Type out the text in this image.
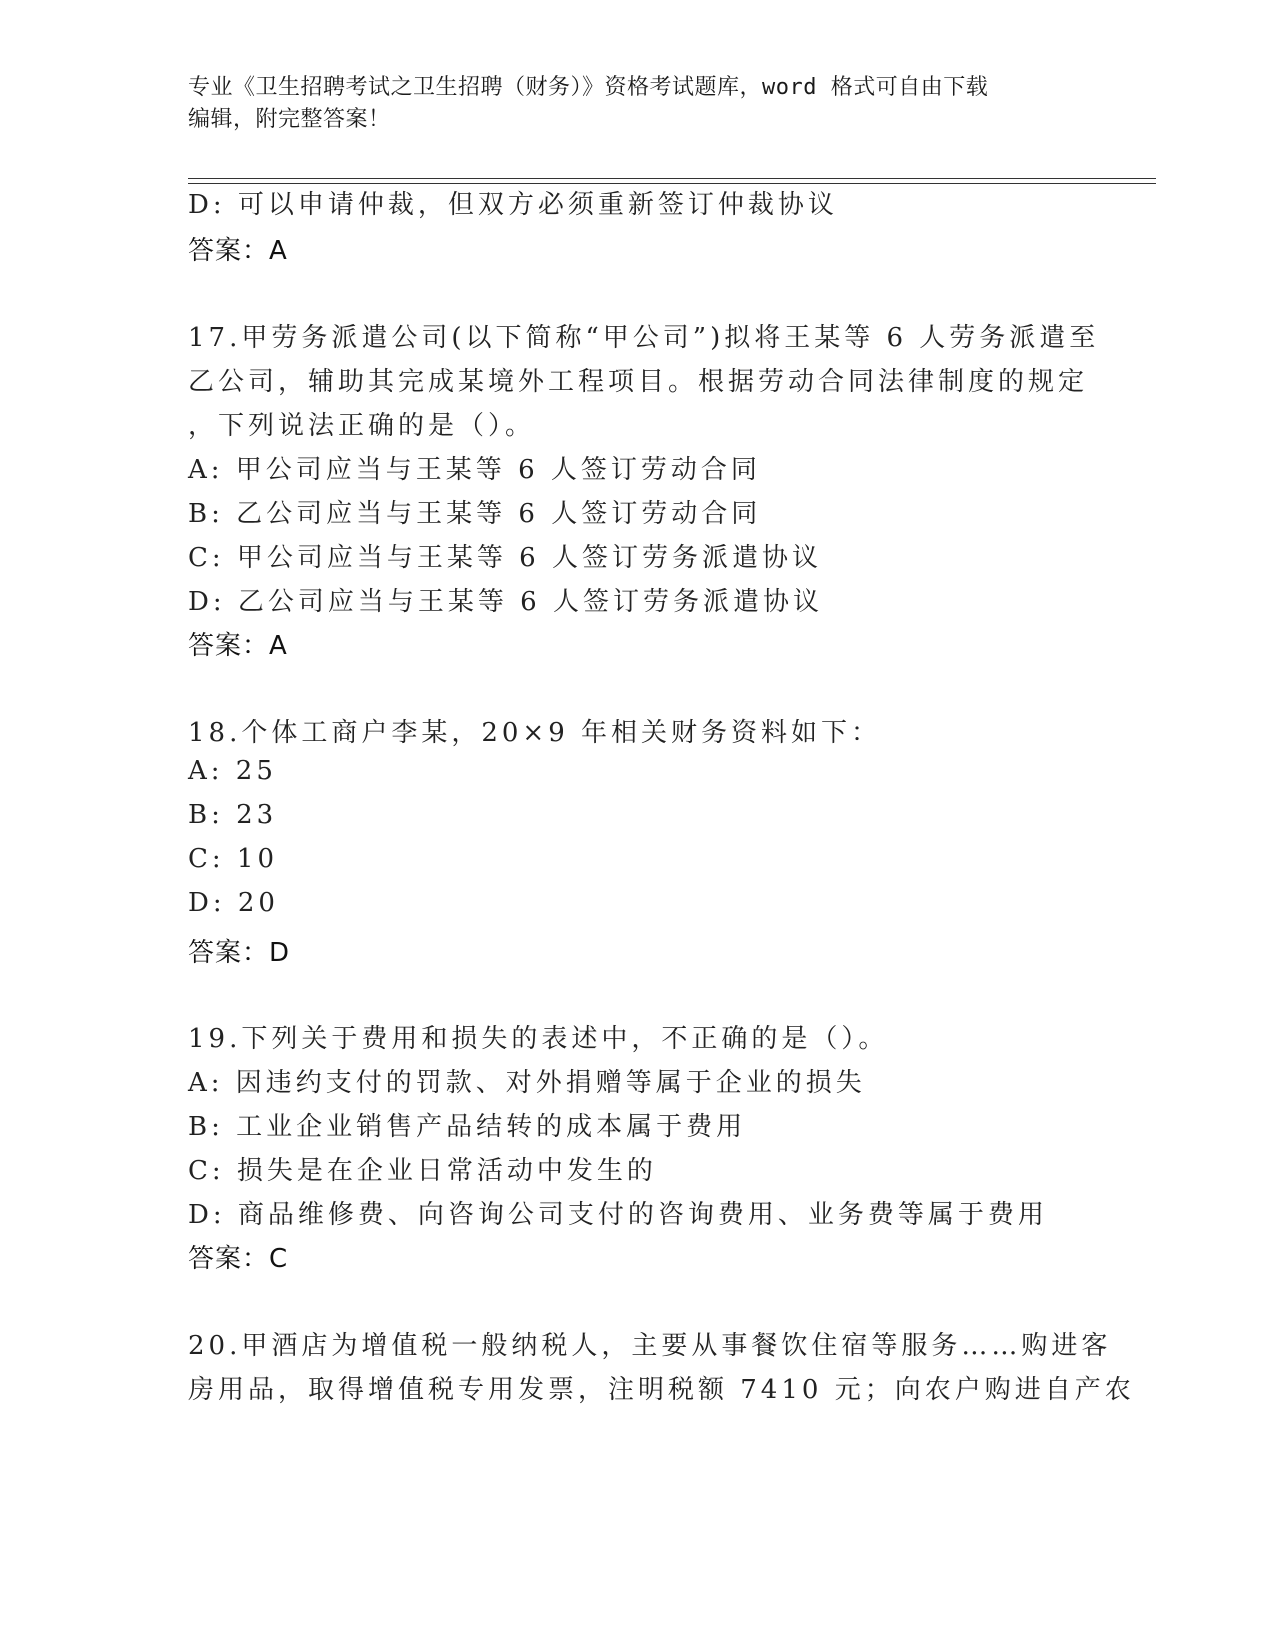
专业《卫生招聘考试之卫生招聘（财务）》资格考试题库，word 格式可自由下载
编辑，附完整答案！
D: 可以申请仲裁，但双方必须重新签订仲裁协议
答案：A
17.甲劳务派遣公司(以下简称“甲公司”)拟将王某等 6 人劳务派遣至
乙公司，辅助其完成某境外工程项目。根据劳动合同法律制度的规定
，下列说法正确的是（）。
A: 甲公司应当与王某等 6 人签订劳动合同
B: 乙公司应当与王某等 6 人签订劳动合同
C: 甲公司应当与王某等 6 人签订劳务派遣协议
D: 乙公司应当与王某等 6 人签订劳务派遣协议
答案：A
18.个体工商户李某，20×9 年相关财务资料如下：
A: 25
B: 23
C: 10
D: 20
答案：D
19.下列关于费用和损失的表述中，不正确的是（）。
A: 因违约支付的罚款、对外捐赠等属于企业的损失
B: 工业企业销售产品结转的成本属于费用
C: 损失是在企业日常活动中发生的
D: 商品维修费、向咨询公司支付的咨询费用、业务费等属于费用
答案：C
20.甲酒店为增值税一般纳税人，主要从事餐饮住宿等服务……购进客
房用品，取得增值税专用发票，注明税额 7410 元；向农户购进自产农
